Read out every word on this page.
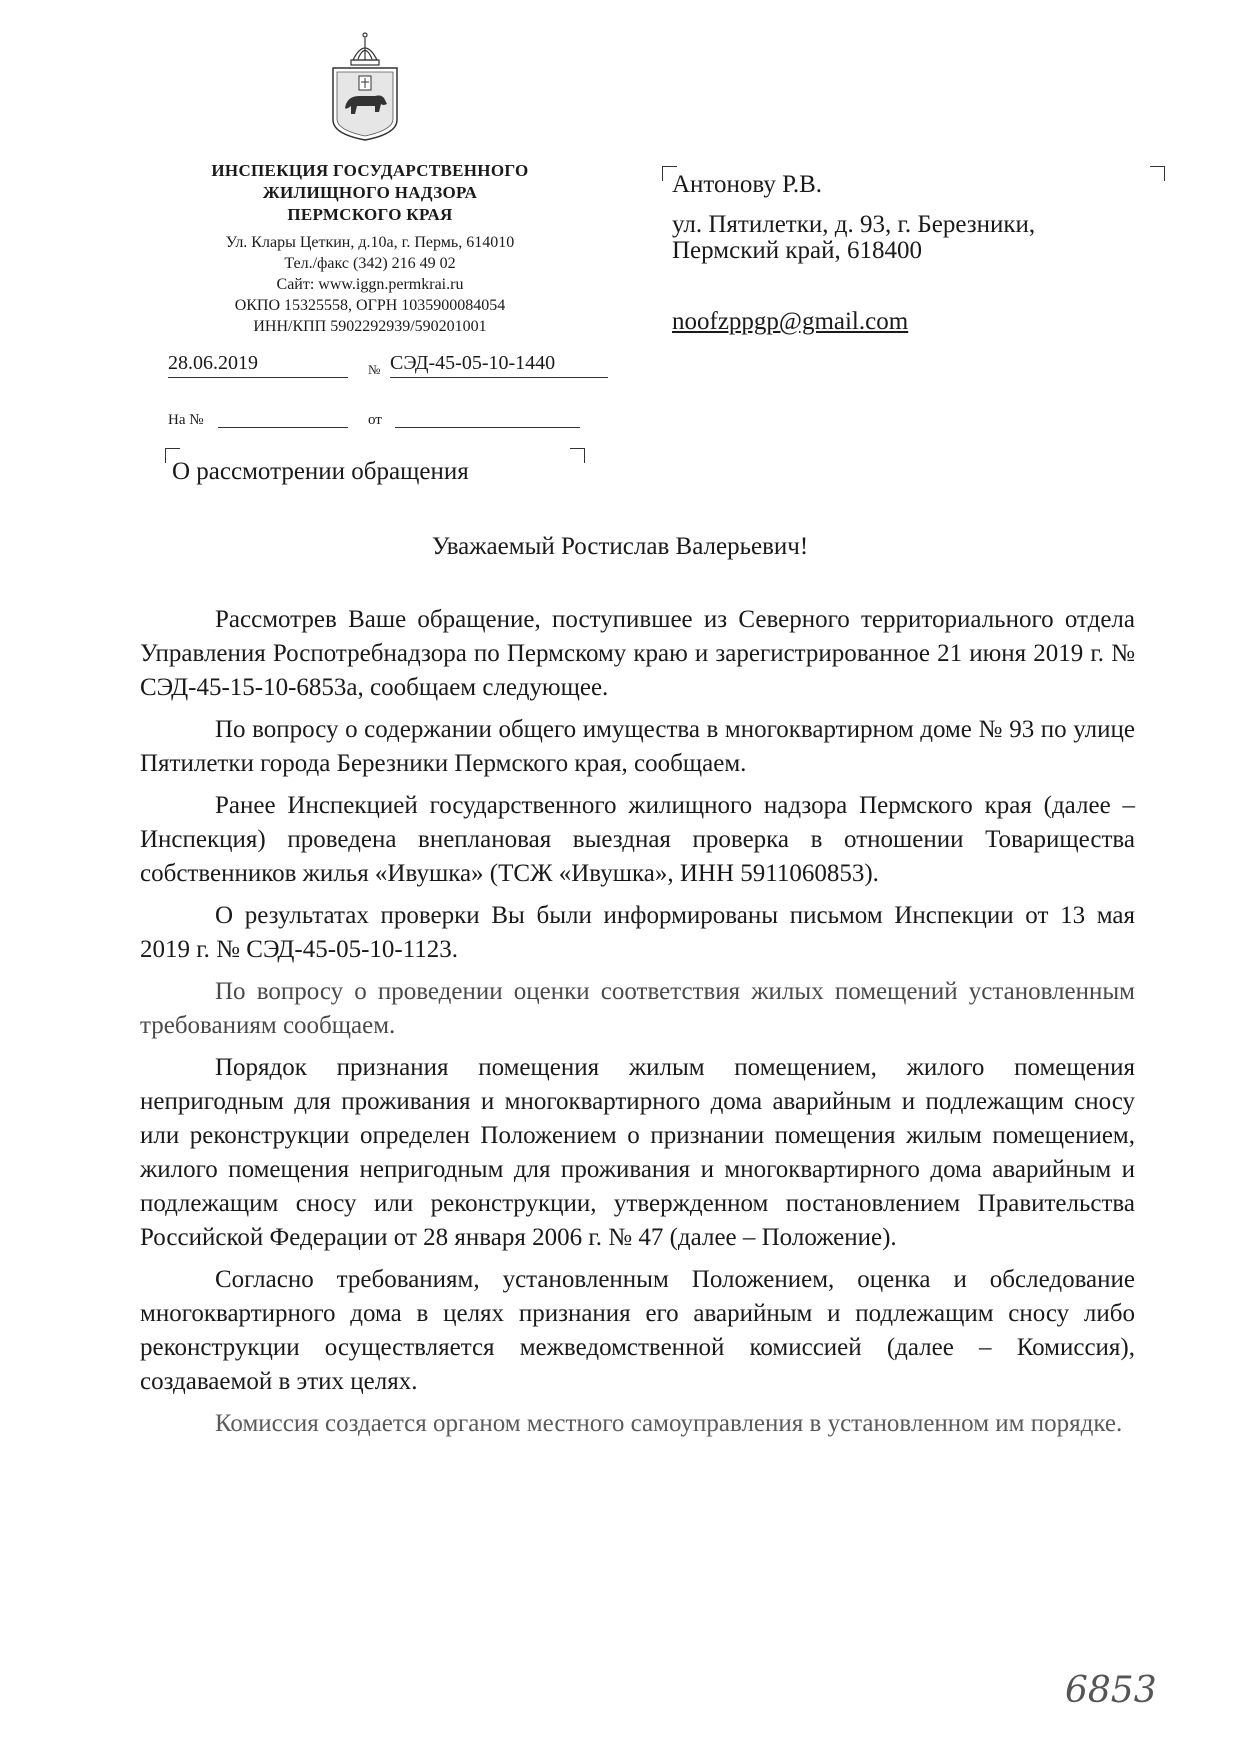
ИНСПЕКЦИЯ ГОСУДАРСТВЕННОГО
ЖИЛИЩНОГО НАДЗОРА
ПЕРМСКОГО КРАЯ
Ул. Клары Цеткин, д.10а, г. Пермь, 614010
Тел./факс (342) 216 49 02
Сайт: www.iggn.permkrai.ru
ОКПО 15325558, ОГРН 1035900084054
ИНН/КПП 5902292939/590201001
28.06.2019	№ СЭД-45-05-10-1440
На №	от
О рассмотрении обращения
Антонову Р.В.
ул. Пятилетки, д. 93, г. Березники,
Пермский край, 618400
noofzppgp@gmail.com
Уважаемый Ростислав Валерьевич!

Рассмотрев Ваше обращение, поступившее из Северного территориального отдела Управления Роспотребнадзора по Пермскому краю и зарегистрированное 21 июня 2019 г. № СЭД-45-15-10-6853а, сообщаем следующее.

По вопросу о содержании общего имущества в многоквартирном доме № 93 по улице Пятилетки города Березники Пермского края, сообщаем.

Ранее Инспекцией государственного жилищного надзора Пермского края (далее – Инспекция) проведена внеплановая выездная проверка в отношении Товарищества собственников жилья «Ивушка» (ТСЖ «Ивушка», ИНН 5911060853).

О результатах проверки Вы были информированы письмом Инспекции от 13 мая 2019 г. № СЭД-45-05-10-1123.

По вопросу о проведении оценки соответствия жилых помещений установленным требованиям сообщаем.

Порядок признания помещения жилым помещением, жилого помещения непригодным для проживания и многоквартирного дома аварийным и подлежащим сносу или реконструкции определен Положением о признании помещения жилым помещением, жилого помещения непригодным для проживания и многоквартирного дома аварийным и подлежащим сносу или реконструкции, утвержденном постановлением Правительства Российской Федерации от 28 января 2006 г. № 47 (далее – Положение).

Согласно требованиям, установленным Положением, оценка и обследование многоквартирного дома в целях признания его аварийным и подлежащим сносу либо реконструкции осуществляется межведомственной комиссией (далее – Комиссия), создаваемой в этих целях.

Комиссия создается органом местного самоуправления в установленном им порядке.

6853
